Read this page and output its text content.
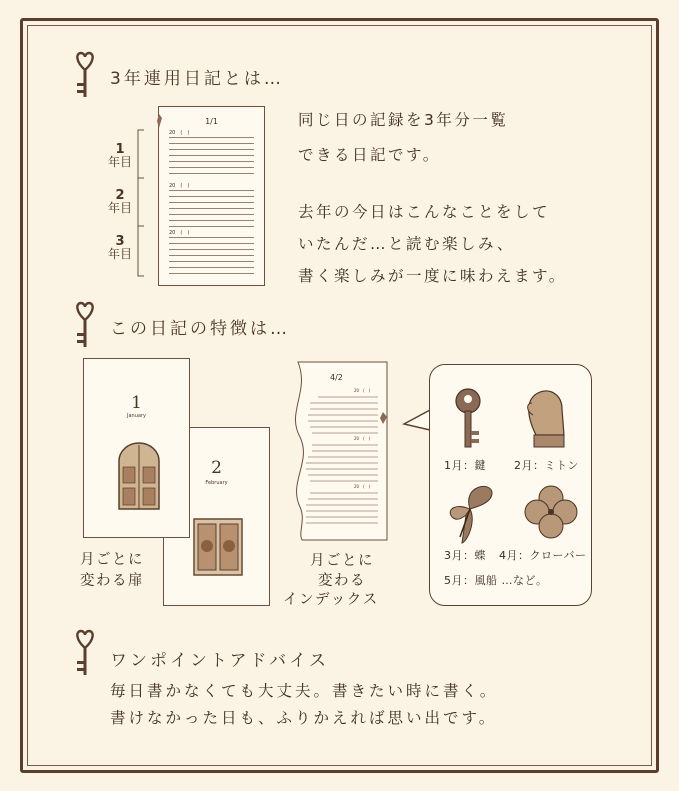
3年連用日記とは…
1
年目
2
年目
3
年目
1/1
20　(　)
20　(　)
20　(　)
同じ日の記録を3年分一覧
できる日記です。
去年の今日はこんなことをして
いたんだ…と読む楽しみ、
書く楽しみが一度に味わえます。
この日記の特徴は…
2
February
1
January
月ごとに
変わる扉
4/2
20　(　)
20　(　)
20　(　)
月ごとに
変わる
インデックス
1月：鍵	2月：ミトン
3月：蝶 4月：クローバー
5月：風船 …など。
ワンポイントアドバイス
毎日書かなくても大丈夫。書きたい時に書く。
書けなかった日も、ふりかえれば思い出です。
